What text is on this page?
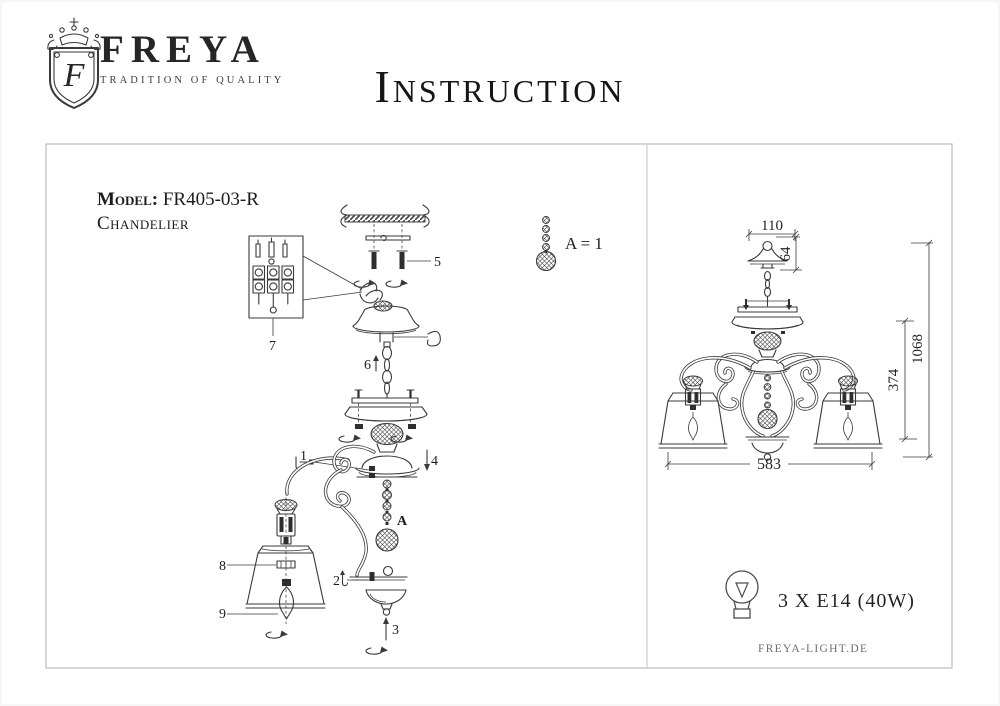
F
FREYA
TRADITION OF QUALITY	Instruction
Model: FR405-03-R
Chandelier
5
7
6
4
1
A
2
3
8
9
A = 1
110
64
583
374
1068
3 X E14 (40W)
FREYA-LIGHT.DE
